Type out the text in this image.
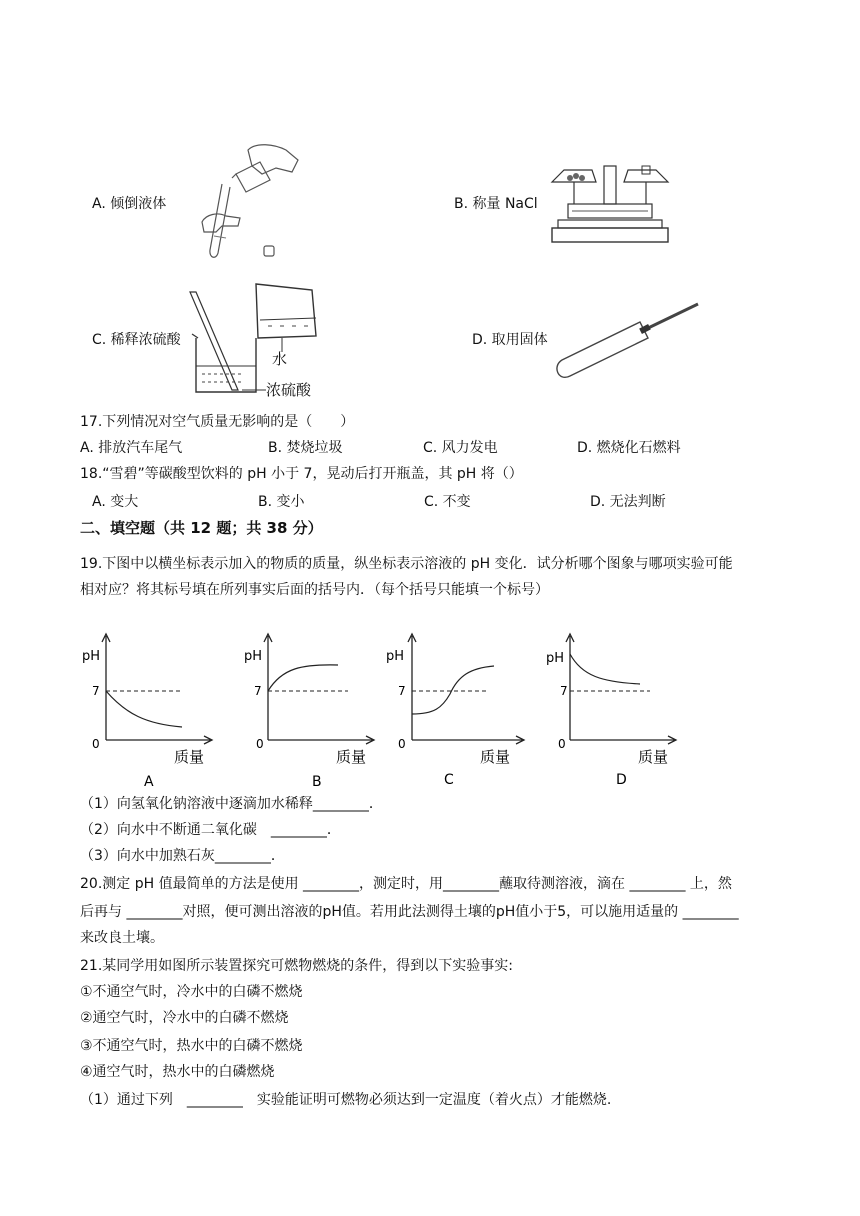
A. 倾倒液体	B. 称量 NaCl
C. 稀释浓硫酸
水
浓硫酸
D. 取用固体
17.下列情况对空气质量无影响的是（　　）
A. 排放汽车尾气	B. 焚烧垃圾	C. 风力发电	D. 燃烧化石燃料
18.“雪碧”等碳酸型饮料的 pH 小于 7，晃动后打开瓶盖，其 pH 将（）
A. 变大	B. 变小	C. 不变	D. 无法判断
二、填空题（共 12 题；共 38 分）
19.下图中以横坐标表示加入的物质的质量，纵坐标表示溶液的 pH 变化．试分析哪个图象与哪项实验可能
相对应？将其标号填在所列事实后面的括号内．（每个括号只能填一个标号）
pH
7
0
质量
A
pH
7
0
质量
B
pH
7
0
质量
C
pH
7
0
质量
D
（1）向氢氧化钠溶液中逐滴加水稀释________．
（2）向水中不断通二氧化碳　________．
（3）向水中加熟石灰________．
20.测定 pH 值最简单的方法是使用 ________，测定时，用________蘸取待测溶液，滴在 ________ 上，然
后再与 ________对照，便可测出溶液的pH值。若用此法测得土壤的pH值小于5，可以施用适量的 ________
来改良土壤。
21.某同学用如图所示装置探究可燃物燃烧的条件，得到以下实验事实:
①不通空气时，冷水中的白磷不燃烧
②通空气时，冷水中的白磷不燃烧
③不通空气时，热水中的白磷不燃烧
④通空气时，热水中的白磷燃烧
（1）通过下列　________　实验能证明可燃物必须达到一定温度（着火点）才能燃烧.
